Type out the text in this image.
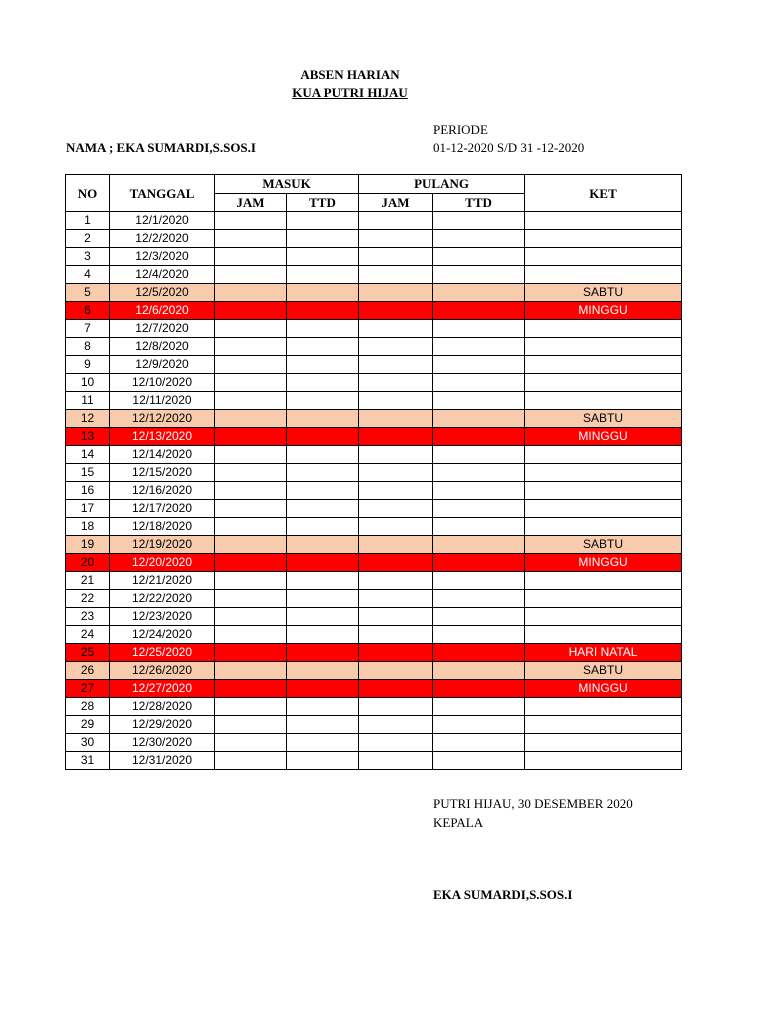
ABSEN HARIAN
KUA PUTRI HIJAU
NAMA ; EKA SUMARDI,S.SOS.I
PERIODE
01-12-2020 S/D 31 -12-2020
NO	TANGGAL	MASUK		PULANG		KET
		JAM	TTD	JAM	TTD	
1	12/1/2020					
2	12/2/2020					
3	12/3/2020					
4	12/4/2020					
5	12/5/2020					SABTU
6	12/6/2020					MINGGU
7	12/7/2020					
8	12/8/2020					
9	12/9/2020					
10	12/10/2020					
11	12/11/2020					
12	12/12/2020					SABTU
13	12/13/2020					MINGGU
14	12/14/2020					
15	12/15/2020					
16	12/16/2020					
17	12/17/2020					
18	12/18/2020					
19	12/19/2020					SABTU
20	12/20/2020					MINGGU
21	12/21/2020					
22	12/22/2020					
23	12/23/2020					
24	12/24/2020					
25	12/25/2020					HARI NATAL
26	12/26/2020					SABTU
27	12/27/2020					MINGGU
28	12/28/2020					
29	12/29/2020					
30	12/30/2020					
31	12/31/2020					
PUTRI HIJAU, 30 DESEMBER 2020
KEPALA
EKA SUMARDI,S.SOS.I
